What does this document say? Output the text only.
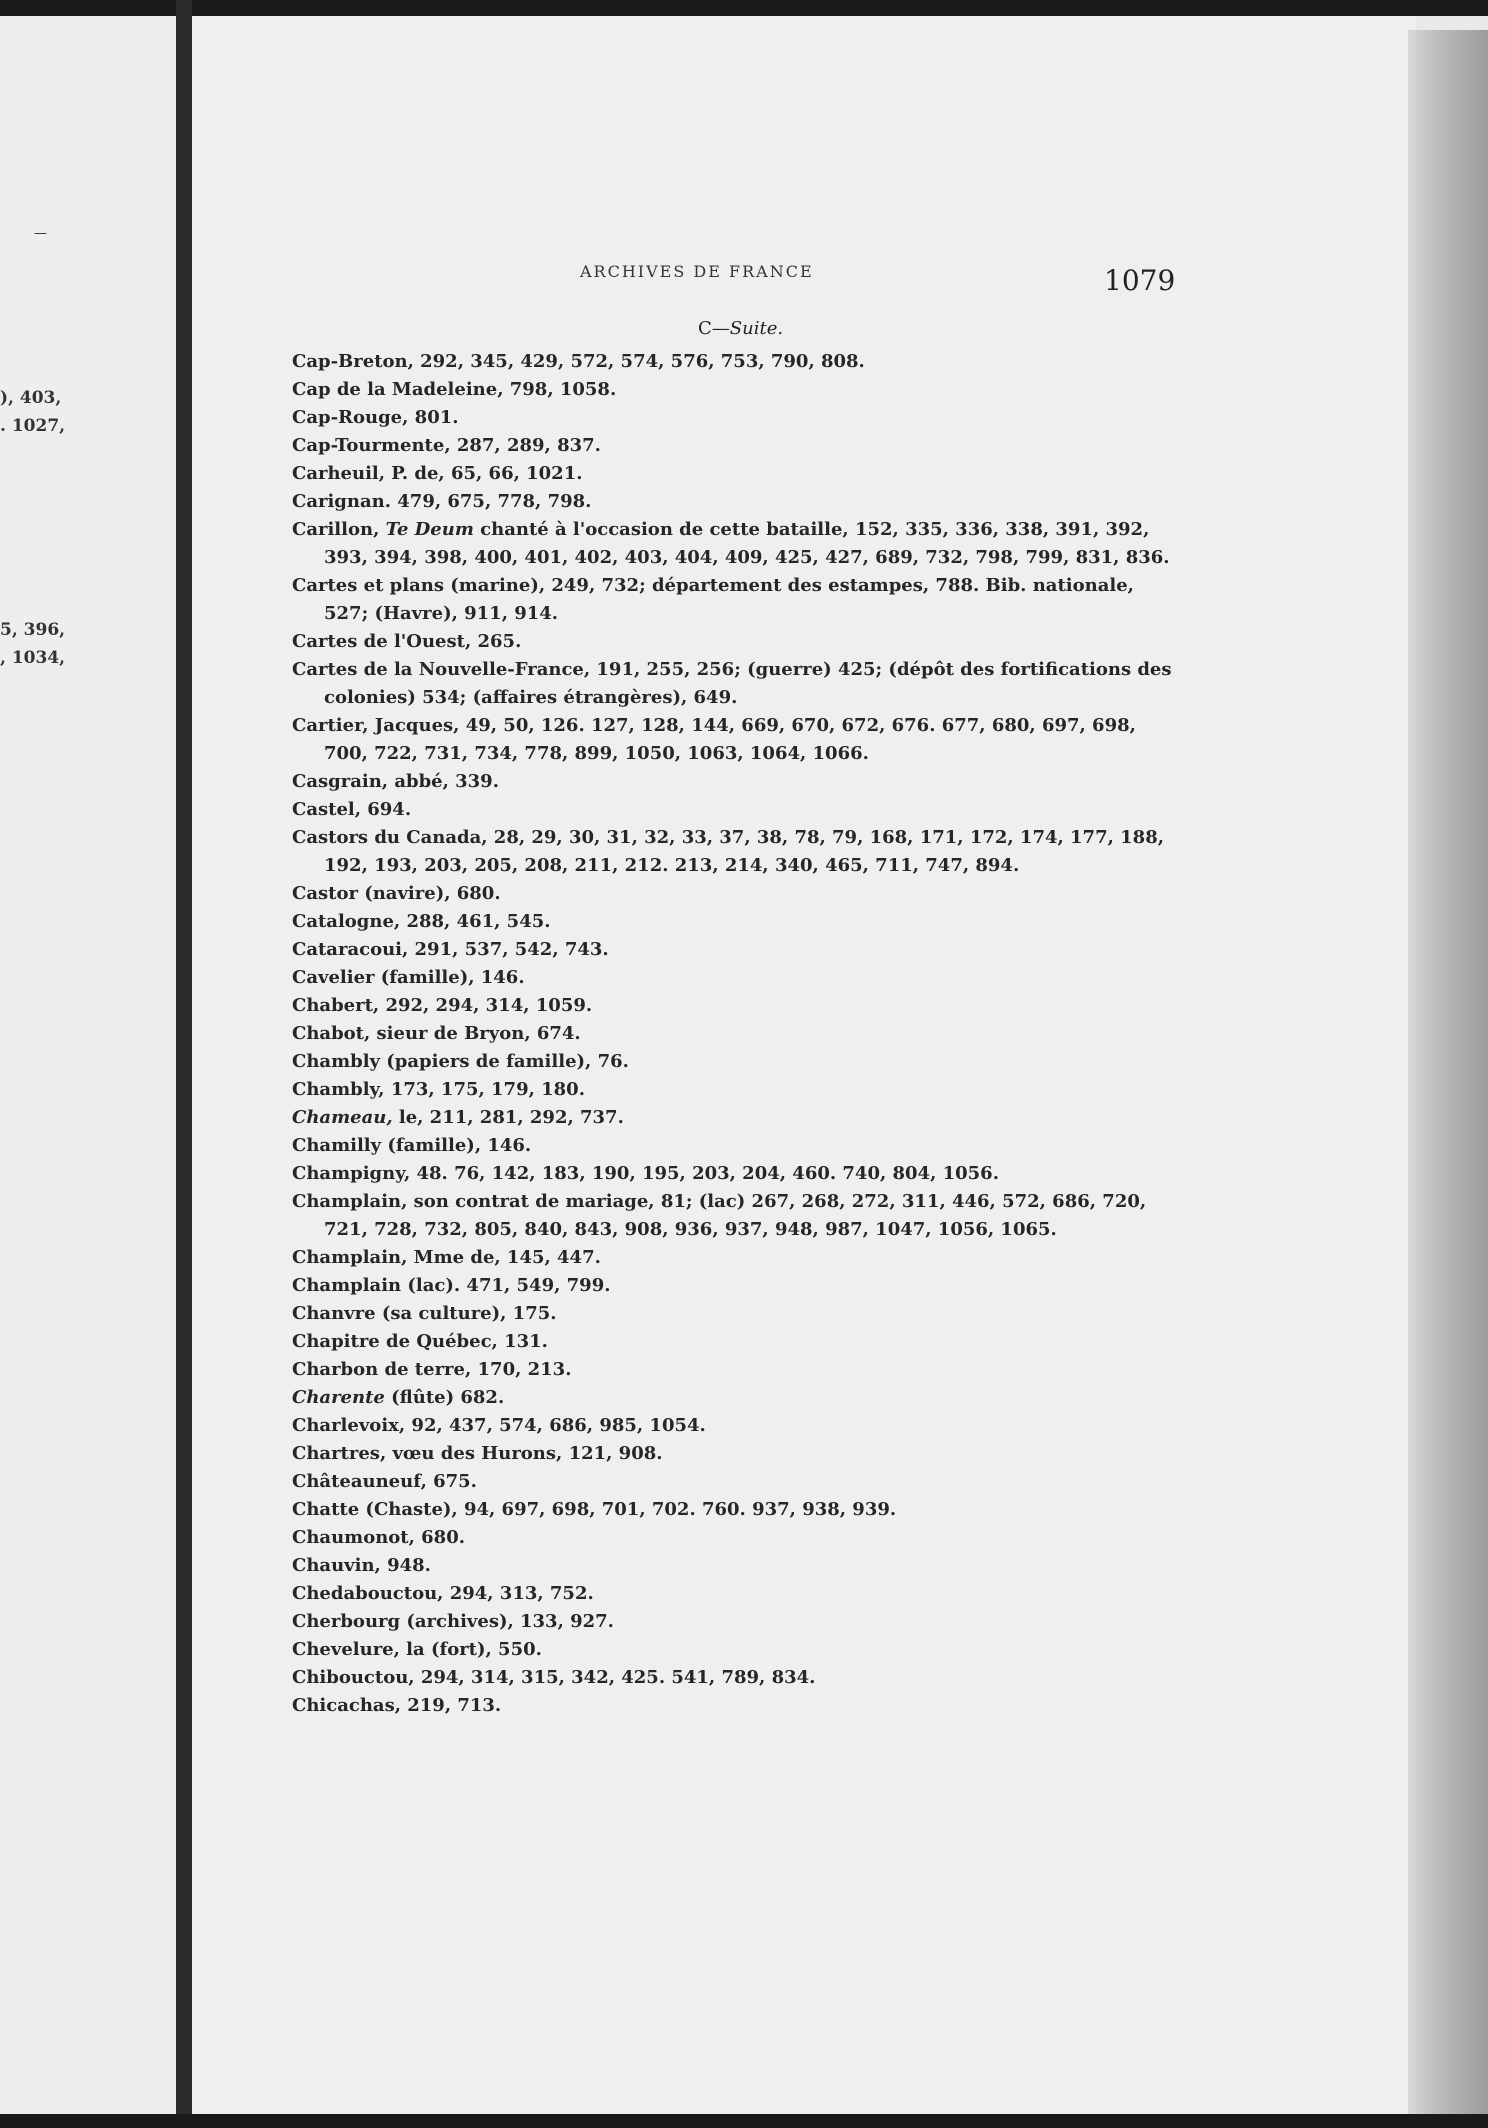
—
), 403,
. 1027,
5, 396,
, 1034,
ARCHIVES DE FRANCE	1079
C—Suite.
Cap-Breton, 292, 345, 429, 572, 574, 576, 753, 790, 808.
Cap de la Madeleine, 798, 1058.
Cap-Rouge, 801.
Cap-Tourmente, 287, 289, 837.
Carheuil, P. de, 65, 66, 1021.
Carignan. 479, 675, 778, 798.
Carillon, Te Deum chanté à l'occasion de cette bataille, 152, 335, 336, 338, 391, 392, 393, 394, 398, 400, 401, 402, 403, 404, 409, 425, 427, 689, 732, 798, 799, 831, 836.
Cartes et plans (marine), 249, 732; département des estampes, 788. Bib. nationale, 527; (Havre), 911, 914.
Cartes de l'Ouest, 265.
Cartes de la Nouvelle-France, 191, 255, 256; (guerre) 425; (dépôt des fortifications des colonies) 534; (affaires étrangères), 649.
Cartier, Jacques, 49, 50, 126. 127, 128, 144, 669, 670, 672, 676. 677, 680, 697, 698, 700, 722, 731, 734, 778, 899, 1050, 1063, 1064, 1066.
Casgrain, abbé, 339.
Castel, 694.
Castors du Canada, 28, 29, 30, 31, 32, 33, 37, 38, 78, 79, 168, 171, 172, 174, 177, 188, 192, 193, 203, 205, 208, 211, 212. 213, 214, 340, 465, 711, 747, 894.
Castor (navire), 680.
Catalogne, 288, 461, 545.
Cataracoui, 291, 537, 542, 743.
Cavelier (famille), 146.
Chabert, 292, 294, 314, 1059.
Chabot, sieur de Bryon, 674.
Chambly (papiers de famille), 76.
Chambly, 173, 175, 179, 180.
Chameau, le, 211, 281, 292, 737.
Chamilly (famille), 146.
Champigny, 48. 76, 142, 183, 190, 195, 203, 204, 460. 740, 804, 1056.
Champlain, son contrat de mariage, 81; (lac) 267, 268, 272, 311, 446, 572, 686, 720, 721, 728, 732, 805, 840, 843, 908, 936, 937, 948, 987, 1047, 1056, 1065.
Champlain, Mme de, 145, 447.
Champlain (lac). 471, 549, 799.
Chanvre (sa culture), 175.
Chapitre de Québec, 131.
Charbon de terre, 170, 213.
Charente (flûte) 682.
Charlevoix, 92, 437, 574, 686, 985, 1054.
Chartres, vœu des Hurons, 121, 908.
Châteauneuf, 675.
Chatte (Chaste), 94, 697, 698, 701, 702. 760. 937, 938, 939.
Chaumonot, 680.
Chauvin, 948.
Chedabouctou, 294, 313, 752.
Cherbourg (archives), 133, 927.
Chevelure, la (fort), 550.
Chibouctou, 294, 314, 315, 342, 425. 541, 789, 834.
Chicachas, 219, 713.
